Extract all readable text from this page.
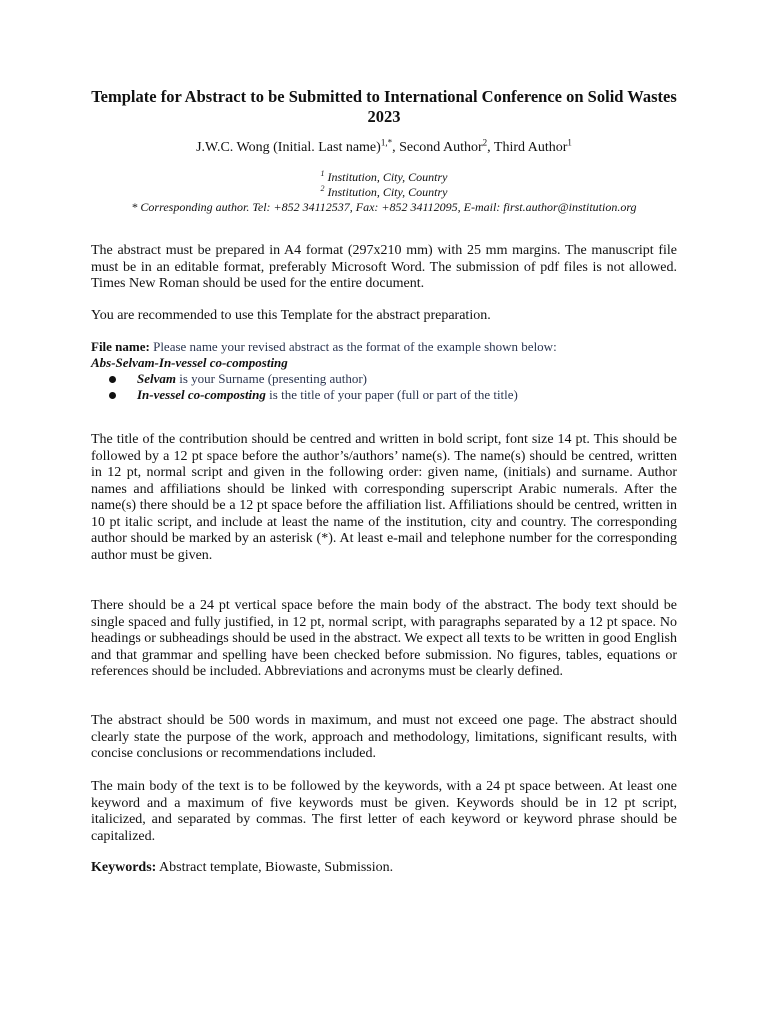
Template for Abstract to be Submitted to International Conference on Solid Wastes 2023
J.W.C. Wong (Initial. Last name)$^{1,*}$, Second Author$^2$, Third Author$^1$
$^1$ Institution, City, Country
$^2$ Institution, City, Country
* Corresponding author. Tel: +852 34112537, Fax: +852 34112095, E-mail: first.author@institution.org

The abstract must be prepared in A4 format (297x210 mm) with 25 mm margins. The manuscript file must be in an editable format, preferably Microsoft Word. The submission of pdf files is not allowed. Times New Roman should be used for the entire document.

You are recommended to use this Template for the abstract preparation.

File name: Please name your revised abstract as the format of the example shown below:
Abs-Selvam-In-vessel co-composting
Selvam is your Surname (presenting author)
In-vessel co-composting is the title of your paper (full or part of the title)

The title of the contribution should be centred and written in bold script, font size 14 pt. This should be followed by a 12 pt space before the author’s/authors’ name(s). The name(s) should be centred, written in 12 pt, normal script and given in the following order: given name, (initials) and surname. Author names and affiliations should be linked with corresponding superscript Arabic numerals. After the name(s) there should be a 12 pt space before the affiliation list. Affiliations should be centred, written in 10 pt italic script, and include at least the name of the institution, city and country. The corresponding author should be marked by an asterisk (*). At least e-mail and telephone number for the corresponding author must be given.

There should be a 24 pt vertical space before the main body of the abstract. The body text should be single spaced and fully justified, in 12 pt, normal script, with paragraphs separated by a 12 pt space. No headings or subheadings should be used in the abstract. We expect all texts to be written in good English and that grammar and spelling have been checked before submission. No figures, tables, equations or references should be included. Abbreviations and acronyms must be clearly defined.

The abstract should be 500 words in maximum, and must not exceed one page. The abstract should clearly state the purpose of the work, approach and methodology, limitations, significant results, with concise conclusions or recommendations included.

The main body of the text is to be followed by the keywords, with a 24 pt space between. At least one keyword and a maximum of five keywords must be given. Keywords should be in 12 pt script, italicized, and separated by commas. The first letter of each keyword or keyword phrase should be capitalized.

Keywords: Abstract template, Biowaste, Submission.
